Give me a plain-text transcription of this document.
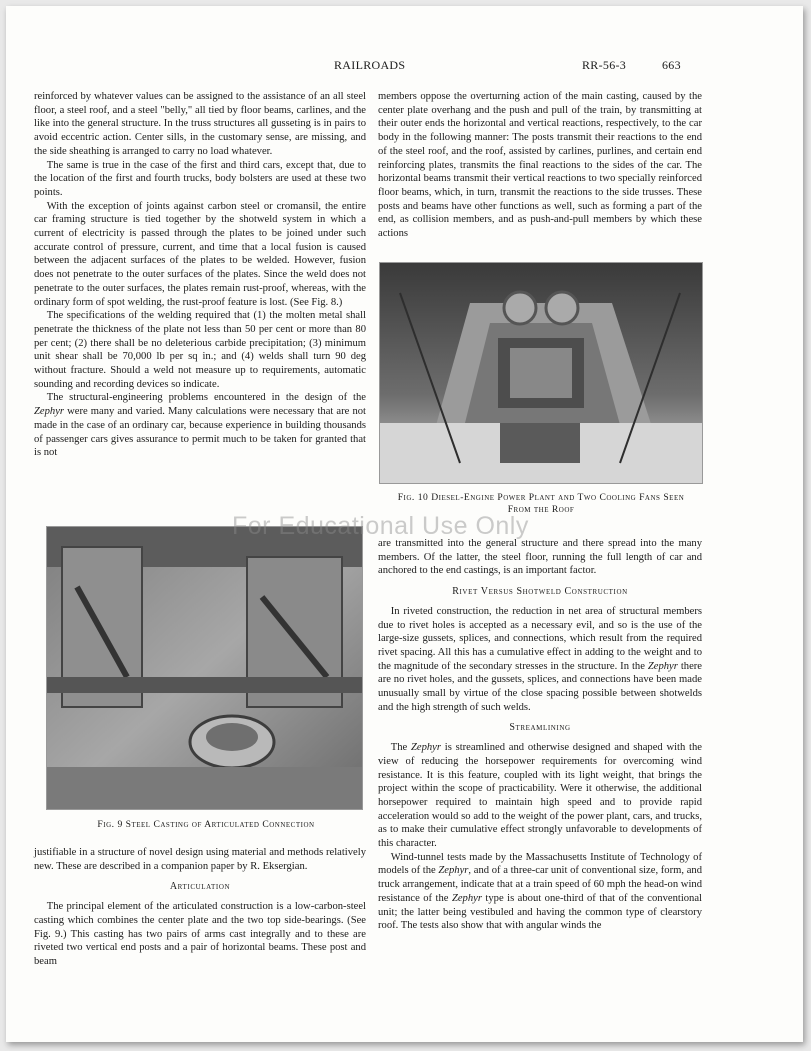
RAILROADS	RR-56-3	663

reinforced by whatever values can be assigned to the assistance of an all steel floor, a steel roof, and a steel "belly," all tied by floor beams, carlines, and the like into the general structure. In the truss structures all gusseting is in pairs to avoid eccentric action. Center sills, in the customary sense, are missing, and the side sheathing is arranged to carry no load whatever.

The same is true in the case of the first and third cars, except that, due to the location of the first and fourth trucks, body bolsters are used at these two points.

With the exception of joints against carbon steel or cromansil, the entire car framing structure is tied together by the shotweld system in which a current of electricity is passed through the plates to be joined under such accurate control of pressure, current, and time that a local fusion is caused between the adjacent surfaces of the plates to be welded. However, fusion does not penetrate to the outer surfaces of the plates. Since the weld does not penetrate to the outer surfaces, the plates remain rust-proof, whereas, with the ordinary form of spot welding, the rust-proof feature is lost. (See Fig. 8.)

The specifications of the welding required that (1) the molten metal shall penetrate the thickness of the plate not less than 50 per cent or more than 80 per cent; (2) there shall be no deleterious carbide precipitation; (3) minimum unit shear shall be 70,000 lb per sq in.; and (4) welds shall turn 90 deg without fracture. Should a weld not measure up to requirements, automatic sounding and recording devices so indicate.

The structural-engineering problems encountered in the design of the Zephyr were many and varied. Many calculations were necessary that are not made in the case of an ordinary car, because experience in building thousands of passenger cars gives assurance to permit much to be taken for granted that is not

members oppose the overturning action of the main casting, caused by the center plate overhang and the push and pull of the train, by transmitting at their outer ends the horizontal and vertical reactions, respectively, to the car body in the following manner: The posts transmit their reactions to the end of the steel roof, and the roof, assisted by carlines, purlines, and certain end reinforcing plates, transmits the final reactions to the sides of the car. The horizontal beams transmit their vertical reactions to two specially reinforced floor beams, which, in turn, transmit the reactions to the side trusses. These posts and beams have other functions as well, such as forming a part of the end, as collision members, and as push-and-pull members by which these actions

Fig. 10 Diesel-Engine Power Plant and Two Cooling Fans Seen From the Roof
Fig. 9 Steel Casting of Articulated Connection

justifiable in a structure of novel design using material and methods relatively new. These are described in a companion paper by R. Eksergian.

Articulation

The principal element of the articulated construction is a low-carbon-steel casting which combines the center plate and the two top side-bearings. (See Fig. 9.) This casting has two pairs of arms cast integrally and to these are riveted two vertical end posts and a pair of horizontal beams. These post and beam

are transmitted into the general structure and there spread into the many members. Of the latter, the steel floor, running the full length of car and anchored to the end castings, is an important factor.

Rivet Versus Shotweld Construction

In riveted construction, the reduction in net area of structural members due to rivet holes is accepted as a necessary evil, and so is the use of the large-size gussets, splices, and connections, which result from the required rivet spacing. All this has a cumulative effect in adding to the weight and to the magnitude of the secondary stresses in the structure. In the Zephyr there are no rivet holes, and the gussets, splices, and connections have been made unusually small by virtue of the close spacing possible between shotwelds and the high strength of such welds.

Streamlining

The Zephyr is streamlined and otherwise designed and shaped with the view of reducing the horsepower requirements for overcoming wind resistance. It is this feature, coupled with its light weight, that brings the project within the scope of practicability. Were it otherwise, the additional horsepower required to maintain high speed and to provide rapid acceleration would so add to the weight of the power plant, cars, and trucks, as to make their cumulative effect strongly unfavorable to developments of this character.

Wind-tunnel tests made by the Massachusetts Institute of Technology of models of the Zephyr, and of a three-car unit of conventional size, form, and truck arrangement, indicate that at a train speed of 60 mph the head-on wind resistance of the Zephyr type is about one-third of that of the conventional unit; the latter being vestibuled and having the common type of clearstory roof. The tests also show that with angular winds the

For Educational Use Only
